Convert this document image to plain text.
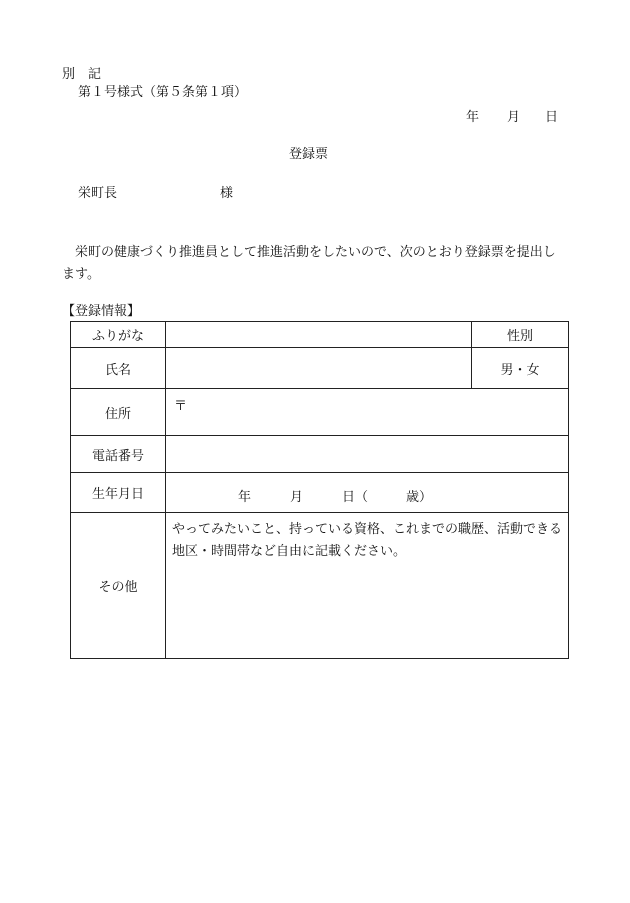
別　記
第１号様式（第５条第１項）
年 月 日
登録票
栄町長	様
栄町の健康づくり推進員として推進活動をしたいので、次のとおり登録票を提出します。
【登録情報】
ふりがな		性別
氏名		男・女
住所	〒	
電話番号		
生年月日	年 月 日（ 歳）	

その他	やってみたいこと、持っている資格、これまでの職歴、活動できる地区・時間帯など自由に記載ください。	
